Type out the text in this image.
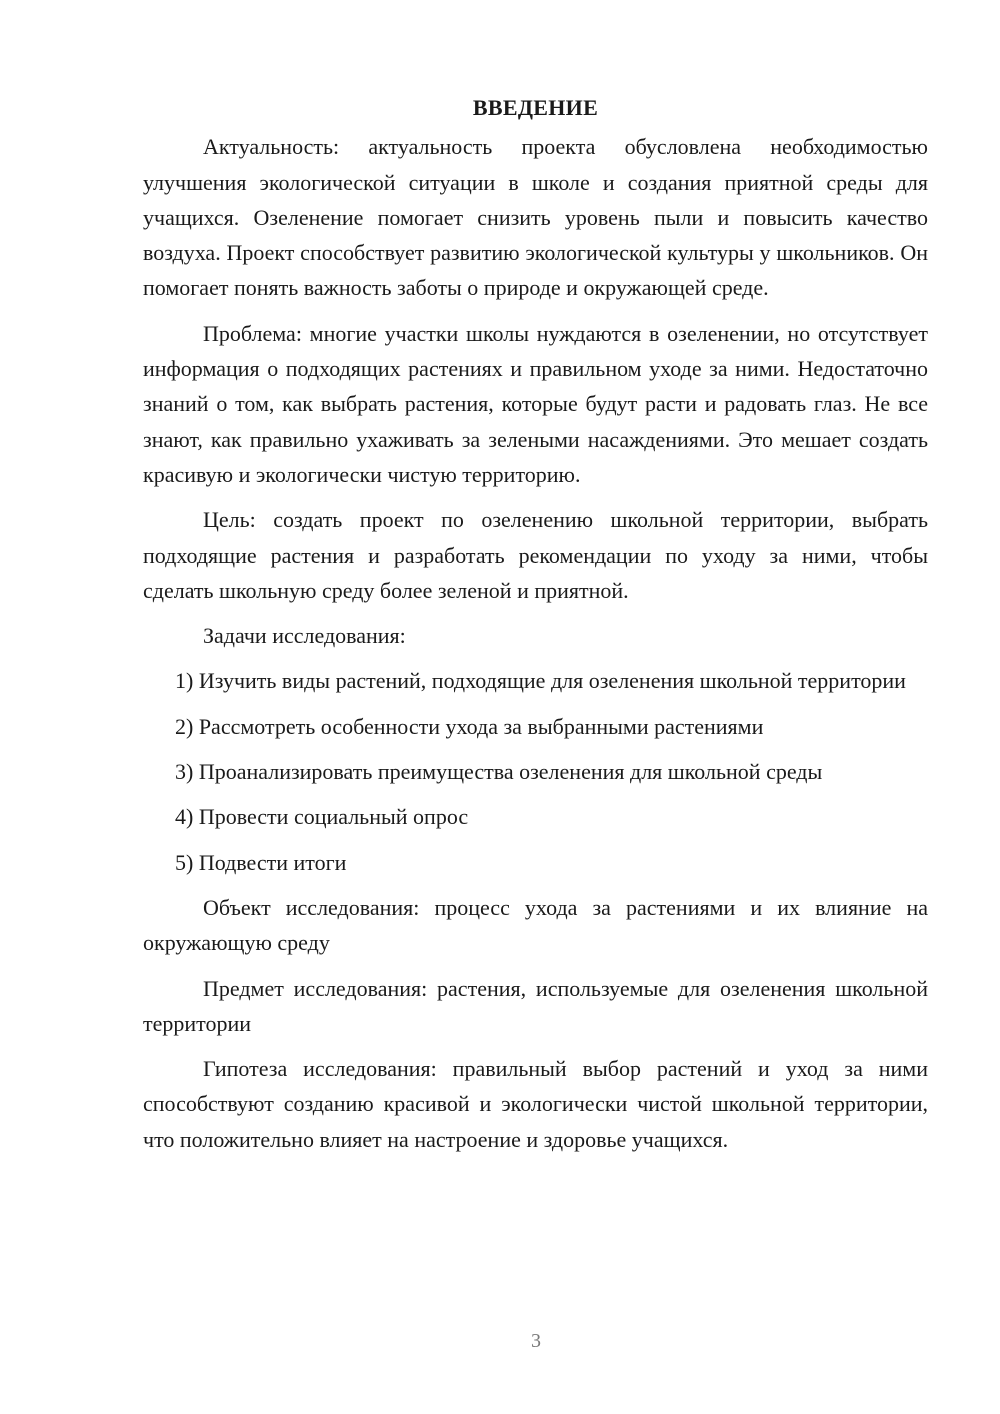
ВВЕДЕНИЕ

Актуальность: актуальность проекта обусловлена необходимостью улучшения экологической ситуации в школе и создания приятной среды для учащихся. Озеленение помогает снизить уровень пыли и повысить качество воздуха. Проект способствует развитию экологической культуры у школьников. Он помогает понять важность заботы о природе и окружающей среде.

Проблема: многие участки школы нуждаются в озеленении, но отсутствует информация о подходящих растениях и правильном уходе за ними. Недостаточно знаний о том, как выбрать растения, которые будут расти и радовать глаз. Не все знают, как правильно ухаживать за зелеными насаждениями. Это мешает создать красивую и экологически чистую территорию.

Цель: создать проект по озеленению школьной территории, выбрать подходящие растения и разработать рекомендации по уходу за ними, чтобы сделать школьную среду более зеленой и приятной.

Задачи исследования:

1) Изучить виды растений, подходящие для озеленения школьной территории

2) Рассмотреть особенности ухода за выбранными растениями

3) Проанализировать преимущества озеленения для школьной среды

4) Провести социальный опрос

5) Подвести итоги

Объект исследования: процесс ухода за растениями и их влияние на окружающую среду

Предмет исследования: растения, используемые для озеленения школьной территории

Гипотеза исследования: правильный выбор растений и уход за ними способствуют созданию красивой и экологически чистой школьной территории, что положительно влияет на настроение и здоровье учащихся.

3
